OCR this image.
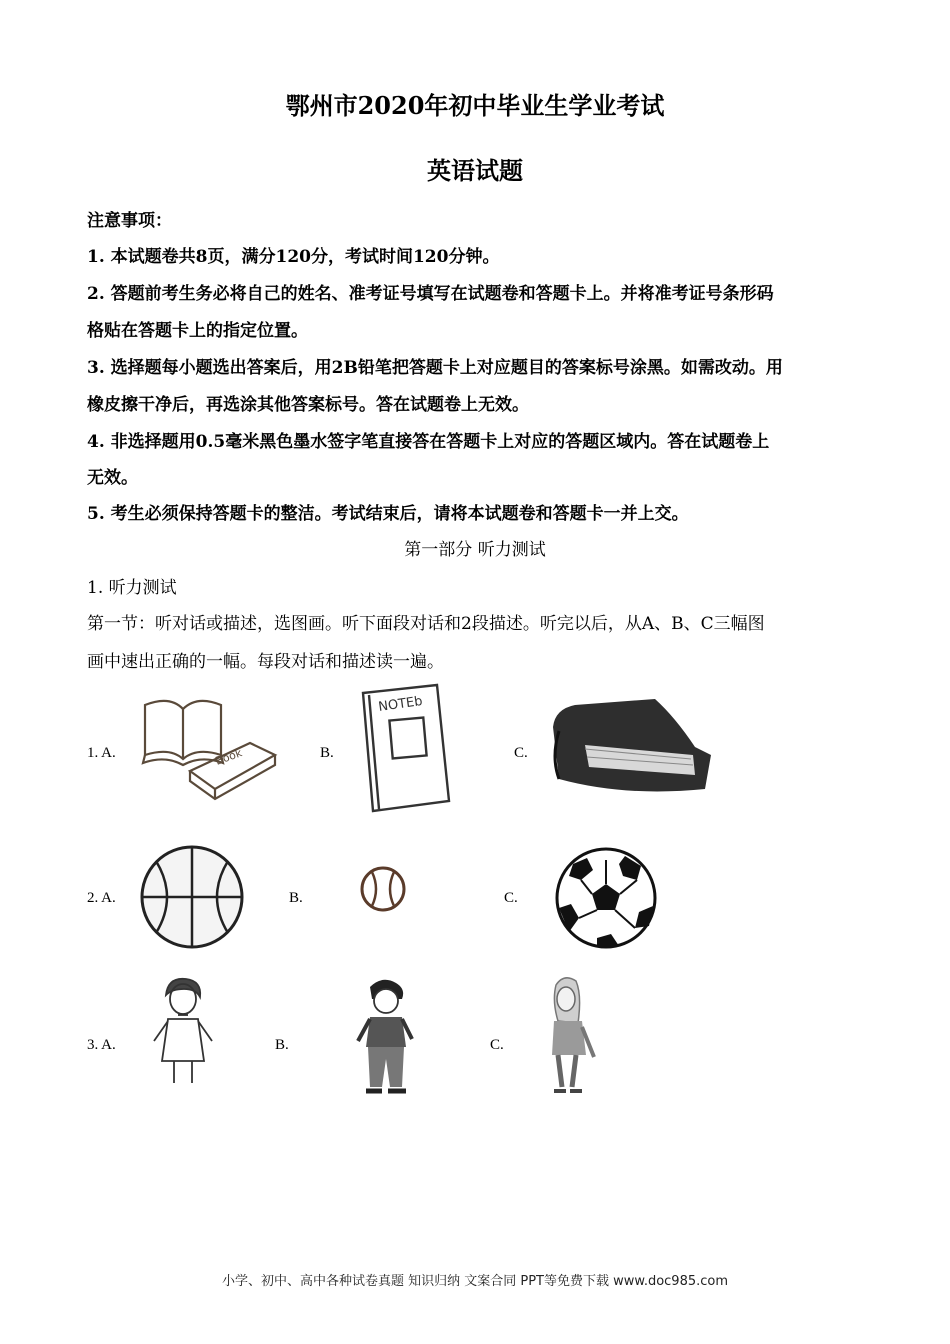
鄂州市2020年初中毕业生学业考试
英语试题
注意事项：
1. 本试题卷共8页，满分120分，考试时间120分钟。
2. 答题前考生务必将自己的姓名、准考证号填写在试题卷和答题卡上。并将准考证号条形码
格贴在答题卡上的指定位置。
3. 选择题每小题选出答案后，用2B铅笔把答题卡上对应题目的答案标号涂黑。如需改动。用
橡皮擦干净后，再选涂其他答案标号。答在试题卷上无效。
4. 非选择题用0.5毫米黑色墨水签字笔直接答在答题卡上对应的答题区域内。答在试题卷上
无效。
5. 考生必须保持答题卡的整洁。考试结束后，请将本试题卷和答题卡一并上交。
第一部分 听力测试
1. 听力测试
第一节：听对话或描述，选图画。听下面段对话和2段描述。听完以后，从A、B、C三幅图
画中速出正确的一幅。每段对话和描述读一遍。
1. A.	B.	C.
Book
NOTEb
2. A.	B.	C.
3. A.	B.	C.
小学、初中、高中各种试卷真题 知识归纳 文案合同 PPT等免费下载 www.doc985.com
